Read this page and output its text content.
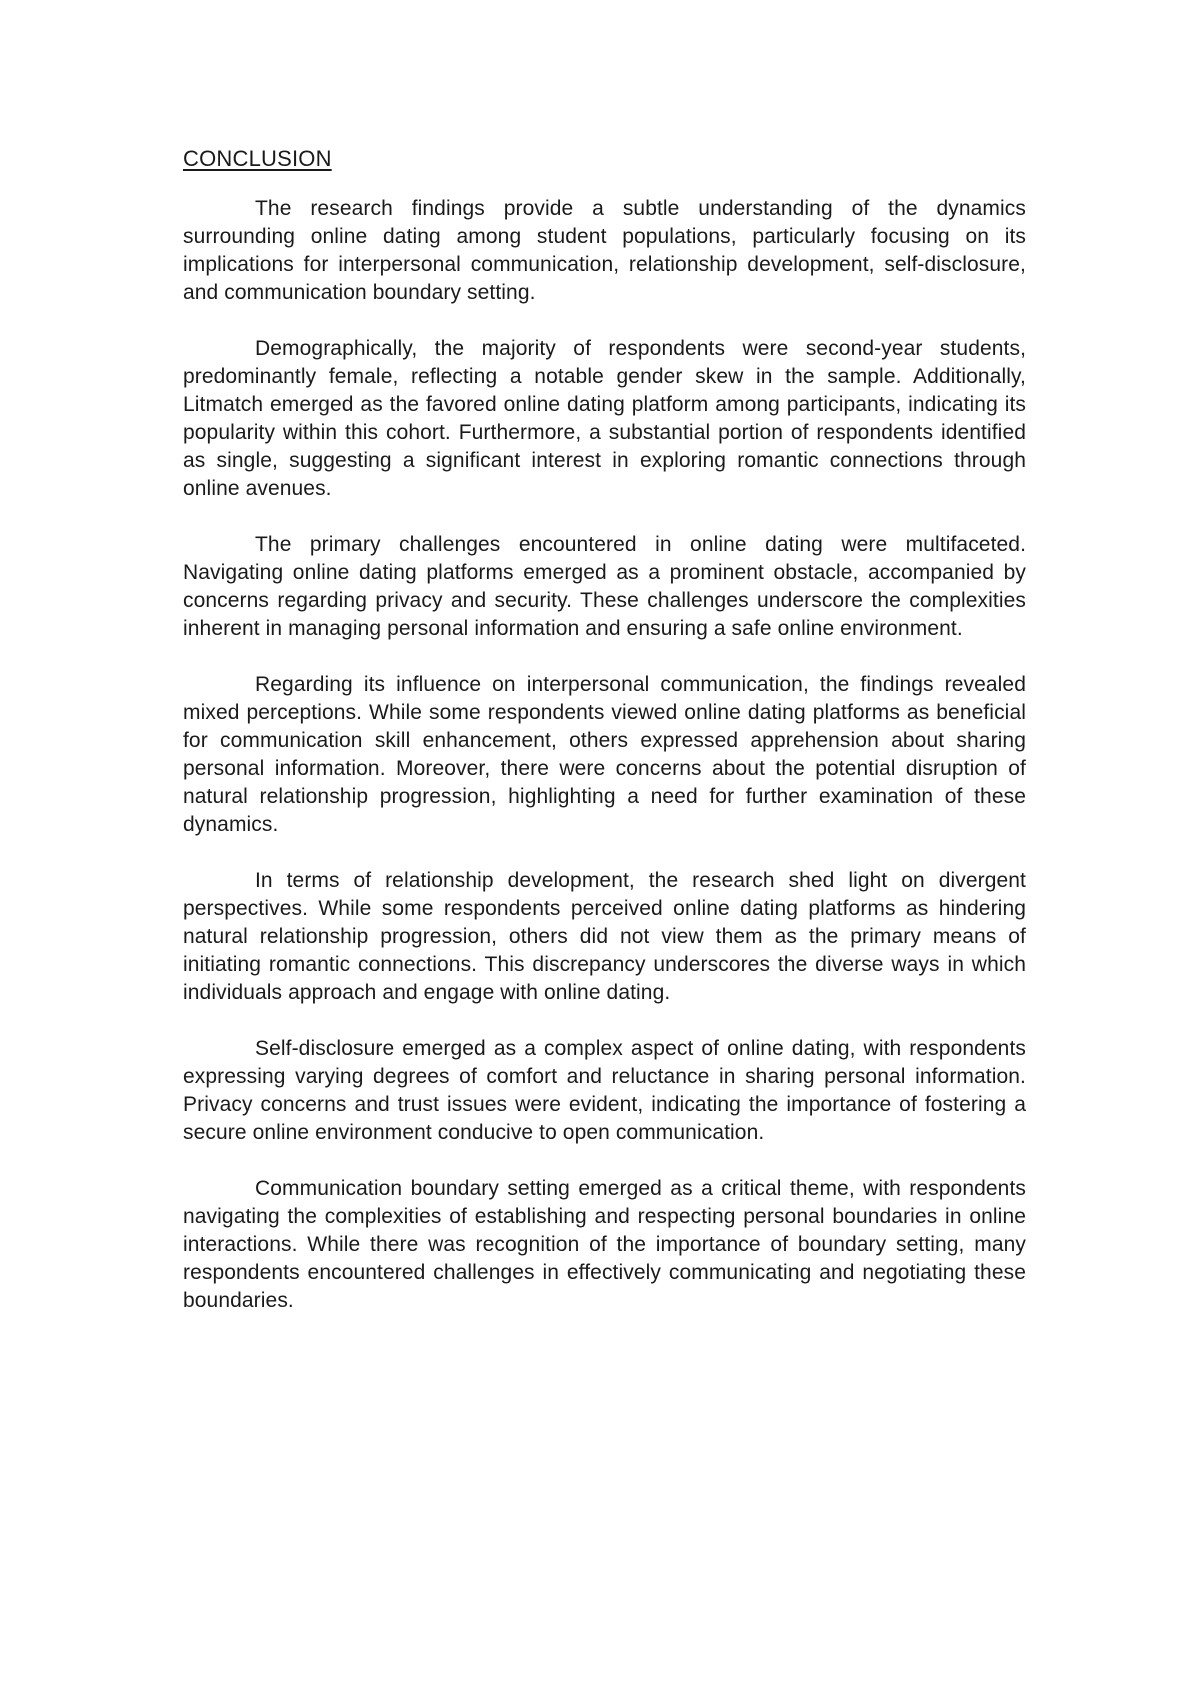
CONCLUSION

The research findings provide a subtle understanding of the dynamics surrounding online dating among student populations, particularly focusing on its implications for interpersonal communication, relationship development, self-disclosure, and communication boundary setting.

Demographically, the majority of respondents were second-year students, predominantly female, reflecting a notable gender skew in the sample. Additionally, Litmatch emerged as the favored online dating platform among participants, indicating its popularity within this cohort. Furthermore, a substantial portion of respondents identified as single, suggesting a significant interest in exploring romantic connections through online avenues.

The primary challenges encountered in online dating were multifaceted. Navigating online dating platforms emerged as a prominent obstacle, accompanied by concerns regarding privacy and security. These challenges underscore the complexities inherent in managing personal information and ensuring a safe online environment.

Regarding its influence on interpersonal communication, the findings revealed mixed perceptions. While some respondents viewed online dating platforms as beneficial for communication skill enhancement, others expressed apprehension about sharing personal information. Moreover, there were concerns about the potential disruption of natural relationship progression, highlighting a need for further examination of these dynamics.

In terms of relationship development, the research shed light on divergent perspectives. While some respondents perceived online dating platforms as hindering natural relationship progression, others did not view them as the primary means of initiating romantic connections. This discrepancy underscores the diverse ways in which individuals approach and engage with online dating.

Self-disclosure emerged as a complex aspect of online dating, with respondents expressing varying degrees of comfort and reluctance in sharing personal information. Privacy concerns and trust issues were evident, indicating the importance of fostering a secure online environment conducive to open communication.

Communication boundary setting emerged as a critical theme, with respondents navigating the complexities of establishing and respecting personal boundaries in online interactions. While there was recognition of the importance of boundary setting, many respondents encountered challenges in effectively communicating and negotiating these boundaries.
